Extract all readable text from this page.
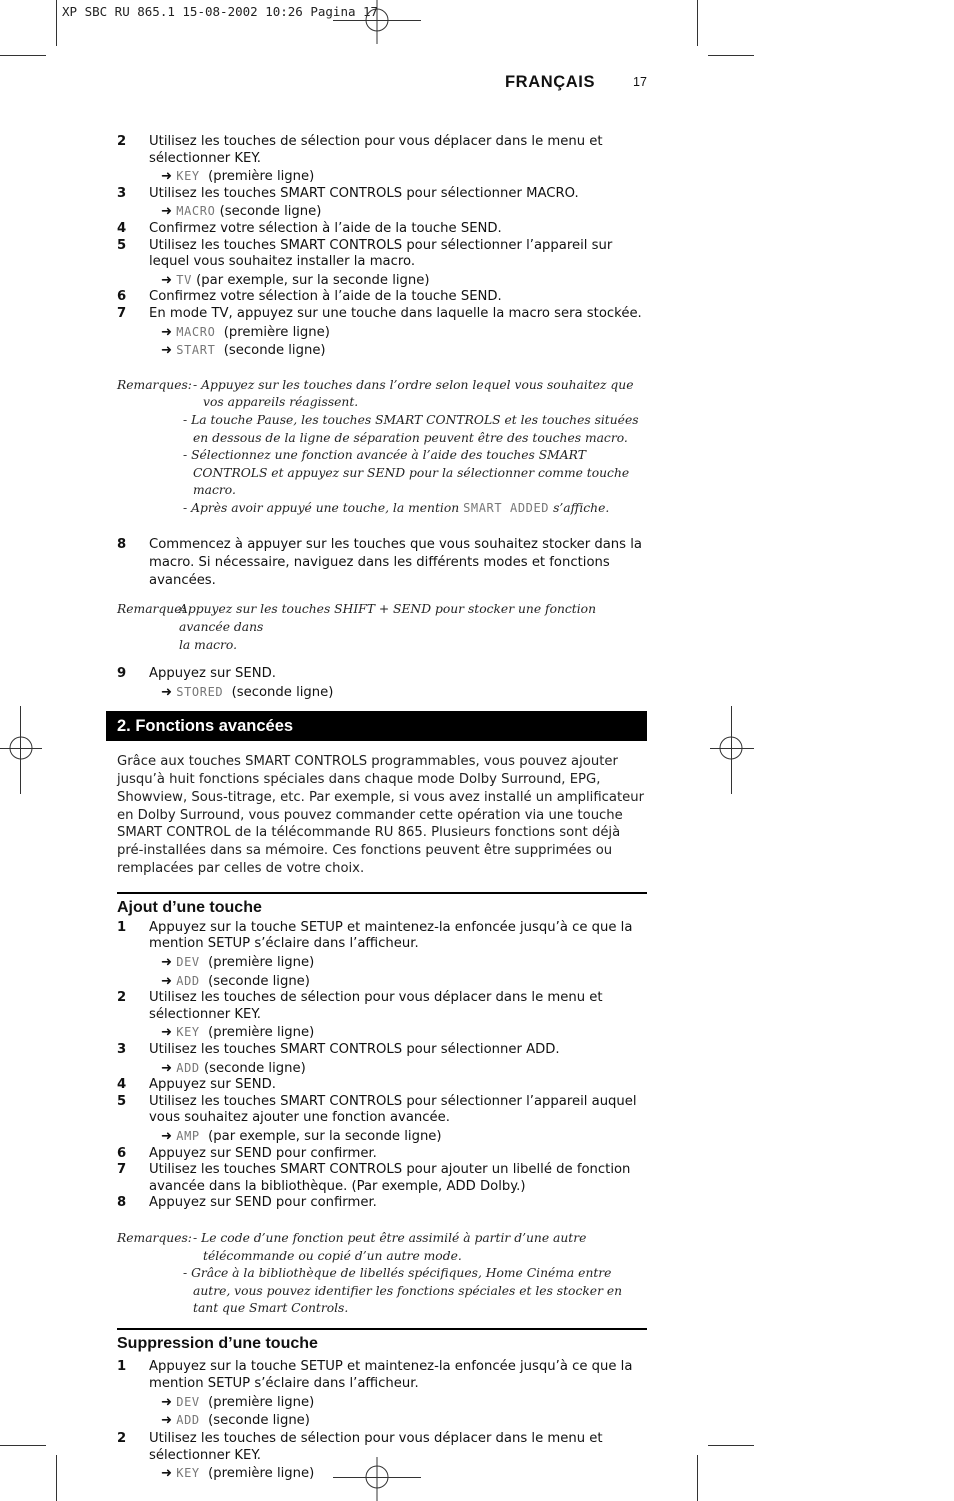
XP SBC RU 865.1 15-08-2002 10:26 Pagina 17
FRANÇAIS	17
2 Utilisez les touches de sélection pour vous déplacer dans le menu et sélectionner KEY.
➜ KEY (première ligne)
3 Utilisez les touches SMART CONTROLS pour sélectionner MACRO.
➜ MACRO (seconde ligne)
4 Confirmez votre sélection à l’aide de la touche SEND.
5 Utilisez les touches SMART CONTROLS pour sélectionner l’appareil sur lequel vous souhaitez installer la macro.
➜ TV (par exemple, sur la seconde ligne)
6 Confirmez votre sélection à l’aide de la touche SEND.
7 En mode TV, appuyez sur une touche dans laquelle la macro sera stockée.
➜ MACRO (première ligne)
➜ START (seconde ligne)
Remarques: - Appuyez sur les touches dans l’ordre selon lequel vous souhaitez que vos appareils réagissent.
- La touche Pause, les touches SMART CONTROLS et les touches situées en dessous de la ligne de séparation peuvent être des touches macro.
- Sélectionnez une fonction avancée à l’aide des touches SMART CONTROLS et appuyez sur SEND pour la sélectionner comme touche macro.
- Après avoir appuyé une touche, la mention SMART ADDED s’affiche.
8 Commencez à appuyer sur les touches que vous souhaitez stocker dans la macro. Si nécessaire, naviguez dans les différents modes et fonctions avancées.
Remarque:
Appuyez sur les touches SHIFT + SEND pour stocker une fonction avancée dans
la macro.
9 Appuyez sur SEND.
➜ STORED (seconde ligne)
2. Fonctions avancées
Grâce aux touches SMART CONTROLS programmables, vous pouvez ajouter jusqu’à huit fonctions spéciales dans chaque mode Dolby Surround, EPG, Showview, Sous-titrage, etc. Par exemple, si vous avez installé un amplificateur en Dolby Surround, vous pouvez commander cette opération via une touche SMART CONTROL de la télécommande RU 865. Plusieurs fonctions sont déjà pré-installées dans sa mémoire. Ces fonctions peuvent être supprimées ou remplacées par celles de votre choix.
Ajout d’une touche
1 Appuyez sur la touche SETUP et maintenez-la enfoncée jusqu’à ce que la mention SETUP s’éclaire dans l’afficheur.
➜ DEV (première ligne)
➜ ADD (seconde ligne)
2 Utilisez les touches de sélection pour vous déplacer dans le menu et sélectionner KEY.
➜ KEY (première ligne)
3 Utilisez les touches SMART CONTROLS pour sélectionner ADD.
➜ ADD (seconde ligne)
4 Appuyez sur SEND.
5 Utilisez les touches SMART CONTROLS pour sélectionner l’appareil auquel vous souhaitez ajouter une fonction avancée.
➜ AMP (par exemple, sur la seconde ligne)
6 Appuyez sur SEND pour confirmer.
7 Utilisez les touches SMART CONTROLS pour ajouter un libellé de fonction avancée dans la bibliothèque. (Par exemple, ADD Dolby.)
8 Appuyez sur SEND pour confirmer.
Remarques: - Le code d’une fonction peut être assimilé à partir d’une autre télécommande ou copié d’un autre mode.
- Grâce à la bibliothèque de libellés spécifiques, Home Cinéma entre autre, vous pouvez identifier les fonctions spéciales et les stocker en tant que Smart Controls.
Suppression d’une touche
1 Appuyez sur la touche SETUP et maintenez-la enfoncée jusqu’à ce que la mention SETUP s’éclaire dans l’afficheur.
➜ DEV (première ligne)
➜ ADD (seconde ligne)
2 Utilisez les touches de sélection pour vous déplacer dans le menu et sélectionner KEY.
➜ KEY (première ligne)
